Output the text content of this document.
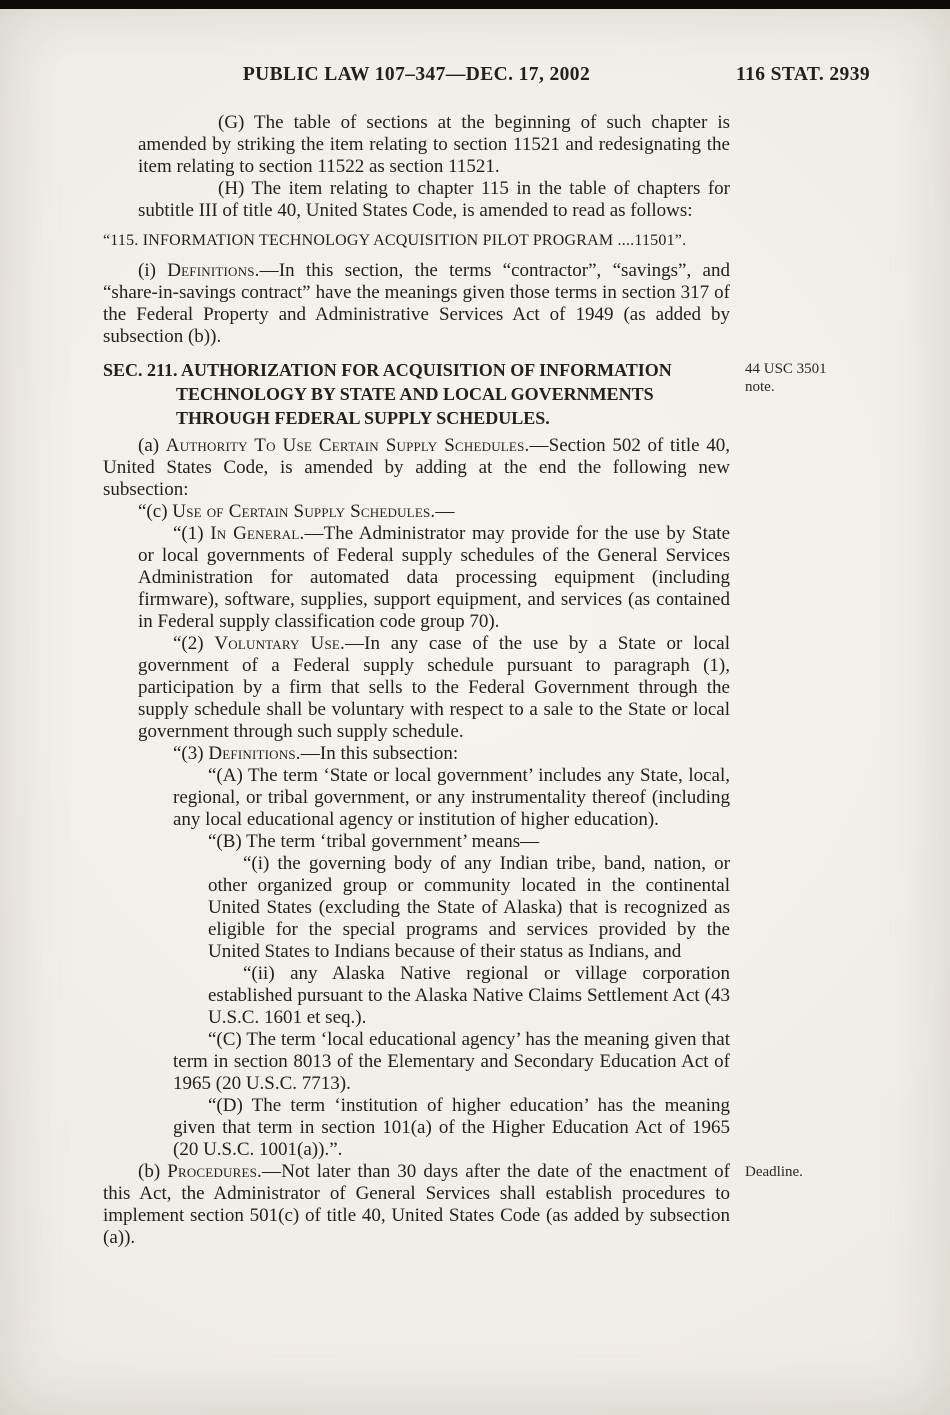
PUBLIC LAW 107–347—DEC. 17, 2002	116 STAT. 2939

(G) The table of sections at the beginning of such chapter is amended by striking the item relating to section 11521 and redesignating the item relating to section 11522 as section 11521.

(H) The item relating to chapter 115 in the table of chapters for subtitle III of title 40, United States Code, is amended to read as follows:

“115. INFORMATION TECHNOLOGY ACQUISITION PILOT PROGRAM ....11501”.

(i) Definitions.—In this section, the terms “contractor”, “savings”, and “share-in-savings contract” have the meanings given those terms in section 317 of the Federal Property and Administrative Services Act of 1949 (as added by subsection (b)).

SEC. 211. AUTHORIZATION FOR ACQUISITION OF INFORMATION TECHNOLOGY BY STATE AND LOCAL GOVERNMENTS THROUGH FEDERAL SUPPLY SCHEDULES.
44 USC 3501 note.

(a) Authority To Use Certain Supply Schedules.—Section 502 of title 40, United States Code, is amended by adding at the end the following new subsection:

“(c) Use of Certain Supply Schedules.—

“(1) In General.—The Administrator may provide for the use by State or local governments of Federal supply schedules of the General Services Administration for automated data processing equipment (including firmware), software, supplies, support equipment, and services (as contained in Federal supply classification code group 70).

“(2) Voluntary Use.—In any case of the use by a State or local government of a Federal supply schedule pursuant to paragraph (1), participation by a firm that sells to the Federal Government through the supply schedule shall be voluntary with respect to a sale to the State or local government through such supply schedule.

“(3) Definitions.—In this subsection:

“(A) The term ‘State or local government’ includes any State, local, regional, or tribal government, or any instrumentality thereof (including any local educational agency or institution of higher education).

“(B) The term ‘tribal government’ means—

“(i) the governing body of any Indian tribe, band, nation, or other organized group or community located in the continental United States (excluding the State of Alaska) that is recognized as eligible for the special programs and services provided by the United States to Indians because of their status as Indians, and

“(ii) any Alaska Native regional or village corporation established pursuant to the Alaska Native Claims Settlement Act (43 U.S.C. 1601 et seq.).

“(C) The term ‘local educational agency’ has the meaning given that term in section 8013 of the Elementary and Secondary Education Act of 1965 (20 U.S.C. 7713).

“(D) The term ‘institution of higher education’ has the meaning given that term in section 101(a) of the Higher Education Act of 1965 (20 U.S.C. 1001(a)).”.

(b) Procedures.—Not later than 30 days after the date of the enactment of this Act, the Administrator of General Services shall establish procedures to implement section 501(c) of title 40, United States Code (as added by subsection (a)).
Deadline.
